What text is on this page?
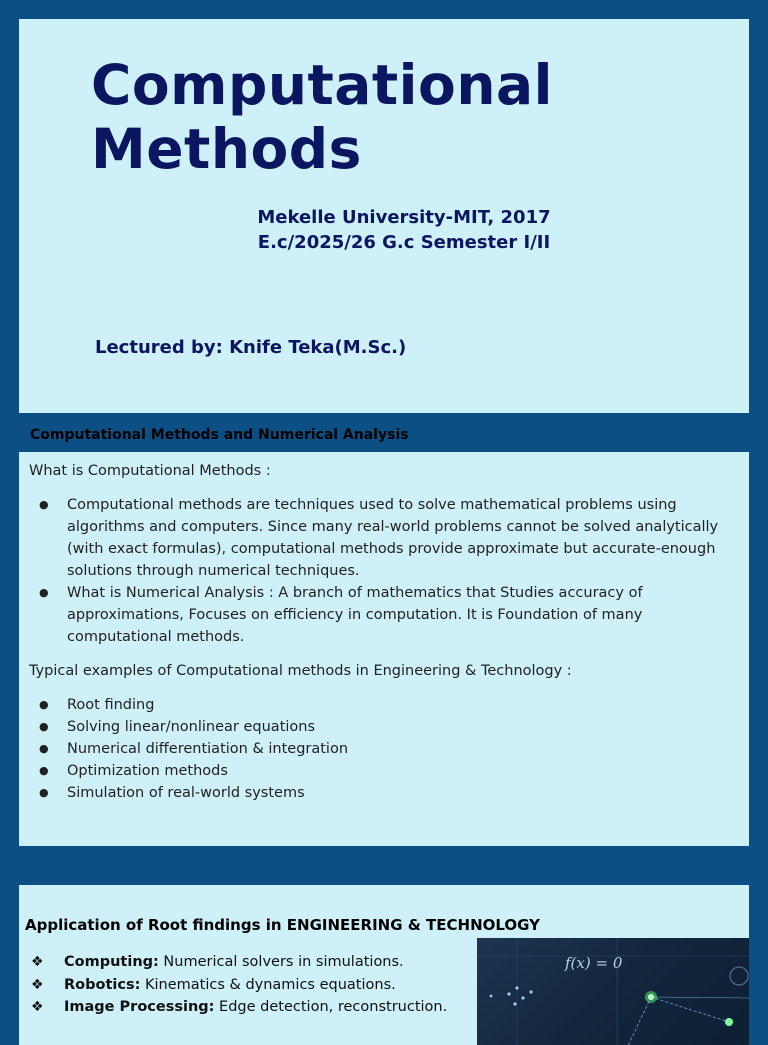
Computational
Methods
Mekelle University-MIT, 2017
E.c/2025/26 G.c Semester I/II
Lectured by: Knife Teka(M.Sc.)
Computational Methods and Numerical Analysis

What is Computational Methods :

● Computational methods are techniques used to solve mathematical problems using algorithms and computers. Since many real-world problems cannot be solved analytically (with exact formulas), computational methods provide approximate but accurate-enough solutions through numerical techniques.
● What is Numerical Analysis : A branch of mathematics that Studies accuracy of approximations, Focuses on efficiency in computation. It is Foundation of many computational methods.

Typical examples of Computational methods in Engineering & Technology :

● Root finding
● Solving linear/nonlinear equations
● Numerical differentiation & integration
● Optimization methods
● Simulation of real-world systems
Application of Root findings in ENGINEERING & TECHNOLOGY
❖ Computing: Numerical solvers in simulations.
❖ Robotics: Kinematics & dynamics equations.
❖ Image Processing: Edge detection, reconstruction.
f(x) = 0
